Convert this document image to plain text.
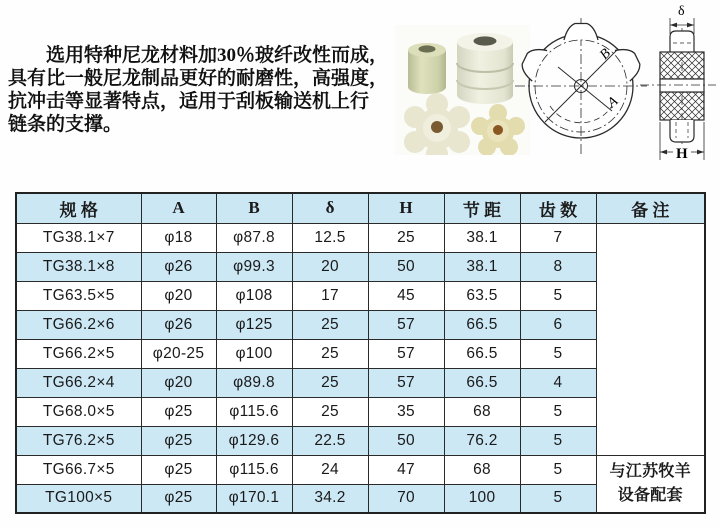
选用特种尼龙材料加30％玻纤改性而成，
具有比一般尼龙制品更好的耐磨性，高强度，
抗冲击等显著特点，适用于刮板输送机上行
链条的支撑。
B
A
δ
H
规 格	A	B	δ	H	节 距	齿 数	备 注
TG38.1×7	φ18	φ87.8	12.5	25	38.1	7	
TG38.1×8	φ26	φ99.3	20	50	38.1	8	
TG63.5×5	φ20	φ108	17	45	63.5	5	
TG66.2×6	φ26	φ125	25	57	66.5	6	
TG66.2×5	φ20-25	φ100	25	57	66.5	5	
TG66.2×4	φ20	φ89.8	25	57	66.5	4	
TG68.0×5	φ25	φ115.6	25	35	68	5	
TG76.2×5	φ25	φ129.6	22.5	50	76.2	5	
TG66.7×5	φ25	φ115.6	24	47	68	5	与江苏牧羊
设备配套

TG100×5	φ25	φ170.1	34.2	70	100	5	
